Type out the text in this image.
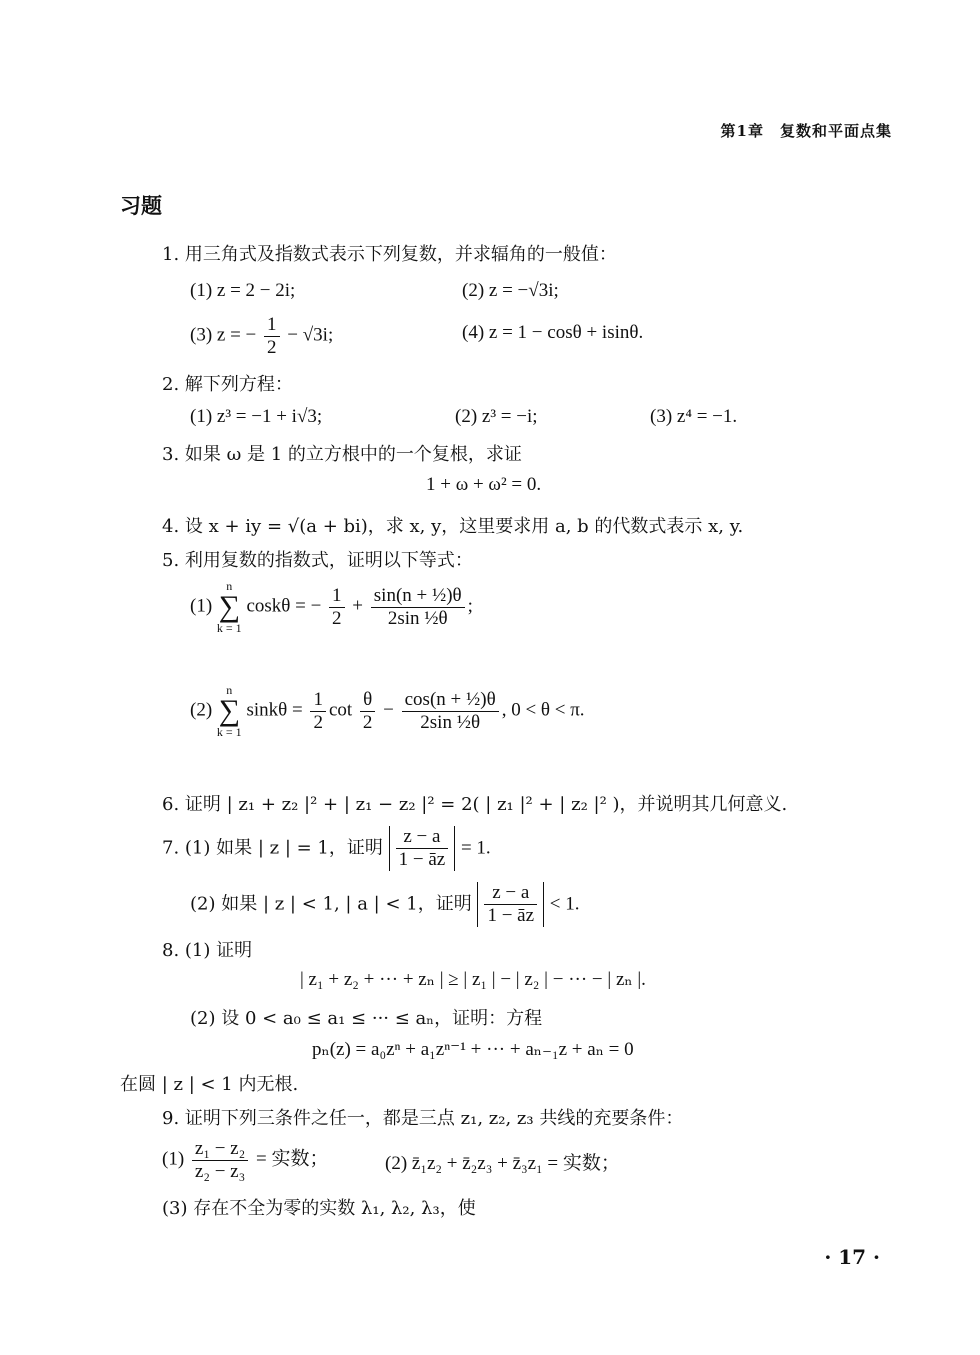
第1章　复数和平面点集
习题
1. 用三角式及指数式表示下列复数，并求辐角的一般值：
(1) z = 2 − 2i;	(2) z = −√3i;
(3) z = − $\frac{1}{2} - √3i$;	(4) z = 1 − cosθ + isinθ.
2. 解下列方程：
(1) z³ = −1 + i√3;	(2) z³ = −i;	(3) z⁴ = −1.
3. 如果 ω 是 1 的立方根中的一个复根，求证
1 + ω + ω² = 0.
4. 设 x + iy = √(a + bi)，求 x, y，这里要求用 a, b 的代数式表示 x, y.
5. 利用复数的指数式，证明以下等式：
(1) n
∑
k = 1 coskθ = − $\frac{1}{2} + \frac{\text{sin(n + ½)θ}}{\text{2sin ½θ}}$ ;
(2) n
∑
k = 1 $\sin k\theta = \frac{1}{2}$ $\cot \frac{\theta}{2} - \frac{\text{cos(n + ½)θ}}{\text{2sin ½θ}}$ , 0 < θ < π.
6. 证明 | z₁ + z₂ |² + | z₁ − z₂ |² = 2( | z₁ |² + | z₂ |² )，并说明其几何意义.
7. (1) 如果 | z | = 1，证明 $\frac{z - a}{1 - āz} = 1$.
(2) 如果 | z | < 1, | a | < 1，证明 $\frac{z - a}{1 - āz} < 1$.
8. (1) 证明
| z₁ + z₂ + ··· + zₙ | ≥ | z₁ | − | z₂ | − ··· − | zₙ |.
(2) 设 0 < a₀ ≤ a₁ ≤ ··· ≤ aₙ，证明：方程
pₙ(z) = a₀zⁿ + a₁zⁿ⁻¹ + ··· + aₙ₋₁z + aₙ = 0
在圆 | z | < 1 内无根.
9. 证明下列三条件之任一，都是三点 z₁, z₂, z₃ 共线的充要条件：
$(1) \frac{\text{z₁ − z₂}}{\text{z₂ − z₃}}$ = 实数；	(2) z̄₁z₂ + z̄₂z₃ + z̄₃z₁ = 实数；
(3) 存在不全为零的实数 λ₁, λ₂, λ₃，使
· 17 ·
